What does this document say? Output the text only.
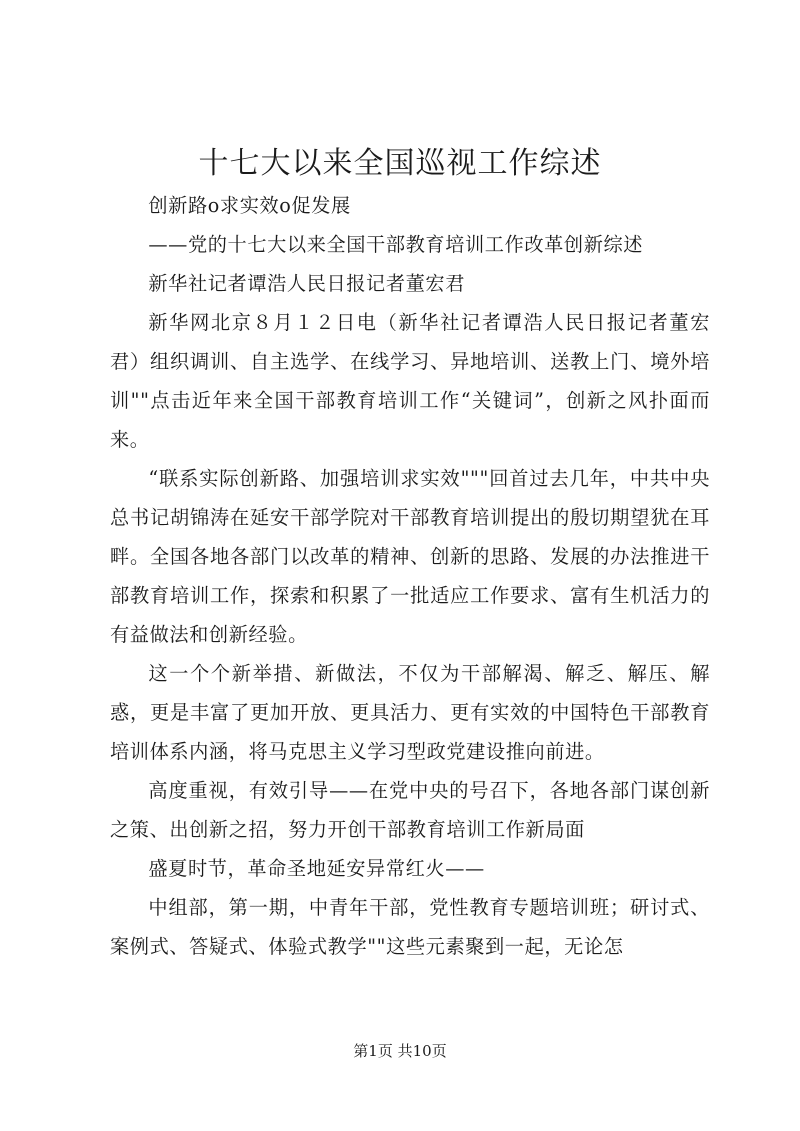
十七大以来全国巡视工作综述

创新路o求实效o促发展

——党的十七大以来全国干部教育培训工作改革创新综述

新华社记者谭浩人民日报记者董宏君

新华网北京８月１２日电（新华社记者谭浩人民日报记者董宏君）组织调训、自主选学、在线学习、异地培训、送教上门、境外培训""点击近年来全国干部教育培训工作“关键词”，创新之风扑面而来。

“联系实际创新路、加强培训求实效"""回首过去几年，中共中央总书记胡锦涛在延安干部学院对干部教育培训提出的殷切期望犹在耳畔。全国各地各部门以改革的精神、创新的思路、发展的办法推进干部教育培训工作，探索和积累了一批适应工作要求、富有生机活力的有益做法和创新经验。

这一个个新举措、新做法，不仅为干部解渴、解乏、解压、解惑，更是丰富了更加开放、更具活力、更有实效的中国特色干部教育培训体系内涵，将马克思主义学习型政党建设推向前进。

高度重视，有效引导——在党中央的号召下，各地各部门谋创新之策、出创新之招，努力开创干部教育培训工作新局面

盛夏时节，革命圣地延安异常红火——

中组部，第一期，中青年干部，党性教育专题培训班；研讨式、案例式、答疑式、体验式教学""这些元素聚到一起，无论怎

第1页 共10页
